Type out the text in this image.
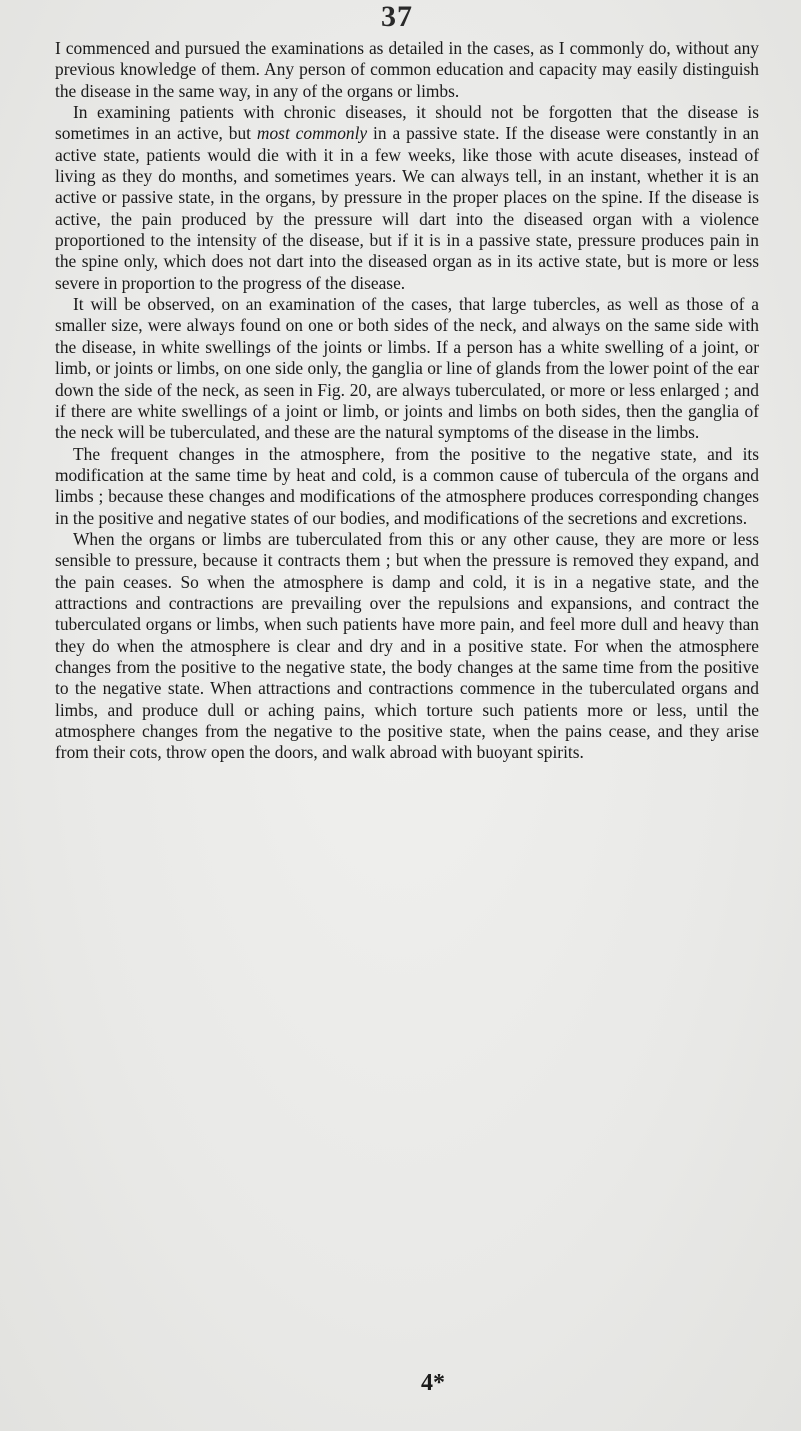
37

I commenced and pursued the examinations as detailed in the cases, as I commonly do, without any previous knowledge of them. Any person of common education and capacity may easily distinguish the disease in the same way, in any of the organs or limbs.

In examining patients with chronic diseases, it should not be forgotten that the disease is sometimes in an active, but most commonly in a passive state. If the disease were constantly in an active state, patients would die with it in a few weeks, like those with acute diseases, instead of living as they do months, and sometimes years. We can always tell, in an instant, whether it is an active or passive state, in the organs, by pressure in the proper places on the spine. If the disease is active, the pain produced by the pressure will dart into the diseased organ with a violence proportioned to the intensity of the disease, but if it is in a passive state, pressure produces pain in the spine only, which does not dart into the diseased organ as in its active state, but is more or less severe in proportion to the progress of the disease.

It will be observed, on an examination of the cases, that large tubercles, as well as those of a smaller size, were always found on one or both sides of the neck, and always on the same side with the disease, in white swellings of the joints or limbs. If a person has a white swelling of a joint, or limb, or joints or limbs, on one side only, the ganglia or line of glands from the lower point of the ear down the side of the neck, as seen in Fig. 20, are always tuberculated, or more or less enlarged ; and if there are white swellings of a joint or limb, or joints and limbs on both sides, then the ganglia of the neck will be tuberculated, and these are the natural symptoms of the disease in the limbs.

The frequent changes in the atmosphere, from the positive to the negative state, and its modification at the same time by heat and cold, is a common cause of tubercula of the organs and limbs ; because these changes and modifications of the atmosphere produces corresponding changes in the positive and negative states of our bodies, and modifications of the secretions and excretions.

When the organs or limbs are tuberculated from this or any other cause, they are more or less sensible to pressure, because it contracts them ; but when the pressure is removed they expand, and the pain ceases. So when the atmosphere is damp and cold, it is in a negative state, and the attractions and contractions are prevailing over the repulsions and expansions, and contract the tuberculated organs or limbs, when such patients have more pain, and feel more dull and heavy than they do when the atmosphere is clear and dry and in a positive state. For when the atmosphere changes from the positive to the negative state, the body changes at the same time from the positive to the negative state. When attractions and contractions commence in the tuberculated organs and limbs, and produce dull or aching pains, which torture such patients more or less, until the atmosphere changes from the negative to the positive state, when the pains cease, and they arise from their cots, throw open the doors, and walk abroad with buoyant spirits.

4*
